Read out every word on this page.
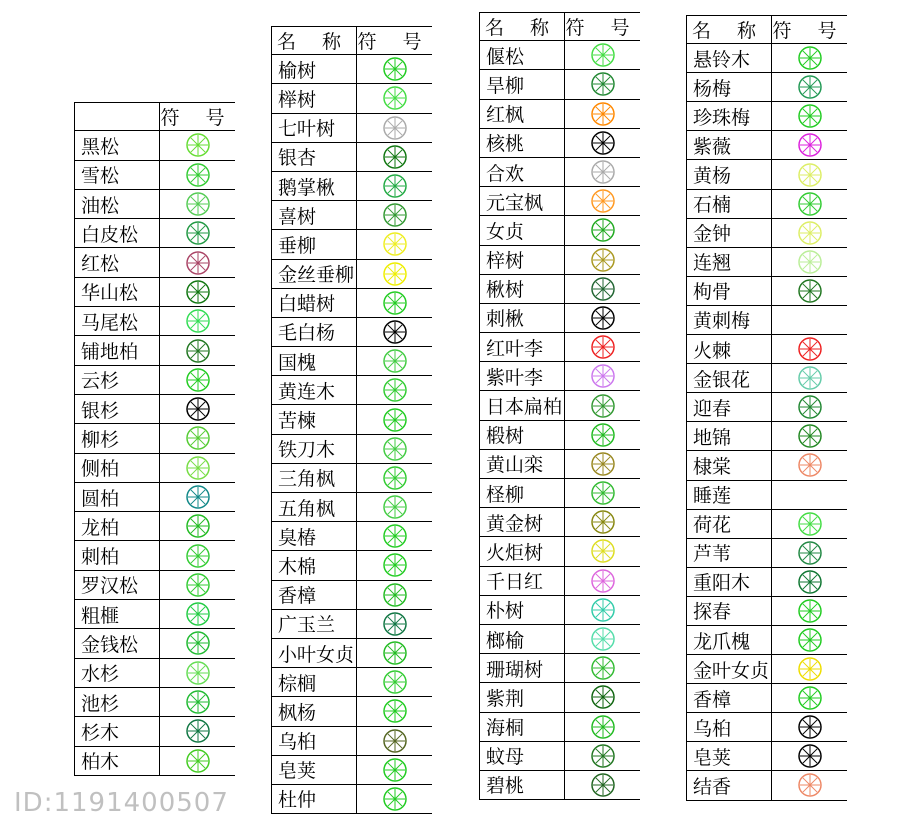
符 号
黑松
雪松
油松
白皮松
红松
华山松
马尾松
铺地柏
云杉
银杉
柳杉
侧柏
圆柏
龙柏
刺柏
罗汉松
粗榧
金钱松
水杉
池杉
杉木
柏木
名 称 符 号
榆树
榉树
七叶树
银杏
鹅掌楸
喜树
垂柳
金丝垂柳
白蜡树
毛白杨
国槐
黄连木
苦楝
铁刀木
三角枫
五角枫
臭椿
木棉
香樟
广玉兰
小叶女贞
棕榈
枫杨
乌桕
皂荚
杜仲
名 称 符 号
偃松
旱柳
红枫
核桃
合欢
元宝枫
女贞
梓树
楸树
刺楸
红叶李
紫叶李
日本扁柏
椴树
黄山栾
柽柳
黄金树
火炬树
千日红
朴树
榔榆
珊瑚树
紫荆
海桐
蚊母
碧桃
名 称 符 号
悬铃木
杨梅
珍珠梅
紫薇
黄杨
石楠
金钟
连翘
枸骨
黄刺梅
火棘
金银花
迎春
地锦
棣棠
睡莲
荷花
芦苇
重阳木
探春
龙爪槐
金叶女贞
香樟
乌桕
皂荚
结香
ID:1191400507
